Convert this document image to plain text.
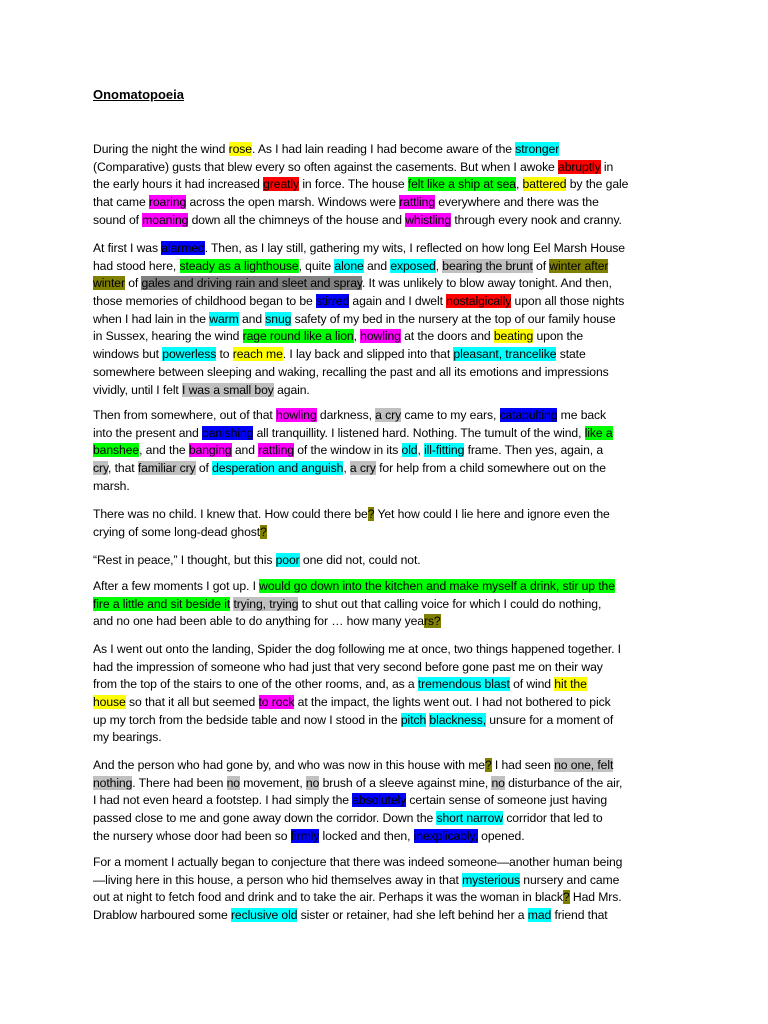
Onomatopoeia
During the night the wind rose. As I had lain reading I had become aware of the stronger
(Comparative) gusts that blew every so often against the casements. But when I awoke abruptly in
the early hours it had increased greatly in force. The house felt like a ship at sea, battered by the gale
that came roaring across the open marsh. Windows were rattling everywhere and there was the
sound of moaning down all the chimneys of the house and whistling through every nook and cranny.
At first I was alarmed. Then, as I lay still, gathering my wits, I reflected on how long Eel Marsh House
had stood here, steady as a lighthouse, quite alone and exposed, bearing the brunt of winter after
winter of gales and driving rain and sleet and spray. It was unlikely to blow away tonight. And then,
those memories of childhood began to be stirred again and I dwelt nostalgically upon all those nights
when I had lain in the warm and snug safety of my bed in the nursery at the top of our family house
in Sussex, hearing the wind rage round like a lion, howling at the doors and beating upon the
windows but powerless to reach me. I lay back and slipped into that pleasant, trancelike state
somewhere between sleeping and waking, recalling the past and all its emotions and impressions
vividly, until I felt I was a small boy again.
Then from somewhere, out of that howling darkness, a cry came to my ears, catapulting me back
into the present and banishing all tranquillity. I listened hard. Nothing. The tumult of the wind, like a
banshee, and the banging and rattling of the window in its old, ill-fitting frame. Then yes, again, a
cry, that familiar cry of desperation and anguish, a cry for help from a child somewhere out on the
marsh.
There was no child. I knew that. How could there be? Yet how could I lie here and ignore even the
crying of some long-dead ghost?
“Rest in peace,” I thought, but this poor one did not, could not.
After a few moments I got up. I would go down into the kitchen and make myself a drink, stir up the
fire a little and sit beside it trying, trying to shut out that calling voice for which I could do nothing,
and no one had been able to do anything for … how many years?
As I went out onto the landing, Spider the dog following me at once, two things happened together. I
had the impression of someone who had just that very second before gone past me on their way
from the top of the stairs to one of the other rooms, and, as a tremendous blast of wind hit the
house so that it all but seemed to rock at the impact, the lights went out. I had not bothered to pick
up my torch from the bedside table and now I stood in the pitch blackness, unsure for a moment of
my bearings.
And the person who had gone by, and who was now in this house with me? I had seen no one, felt
nothing. There had been no movement, no brush of a sleeve against mine, no disturbance of the air,
I had not even heard a footstep. I had simply the absolutely certain sense of someone just having
passed close to me and gone away down the corridor. Down the short narrow corridor that led to
the nursery whose door had been so firmly locked and then, inexplicably, opened.
For a moment I actually began to conjecture that there was indeed someone—another human being
—living here in this house, a person who hid themselves away in that mysterious nursery and came
out at night to fetch food and drink and to take the air. Perhaps it was the woman in black? Had Mrs.
Drablow harboured some reclusive old sister or retainer, had she left behind her a mad friend that
